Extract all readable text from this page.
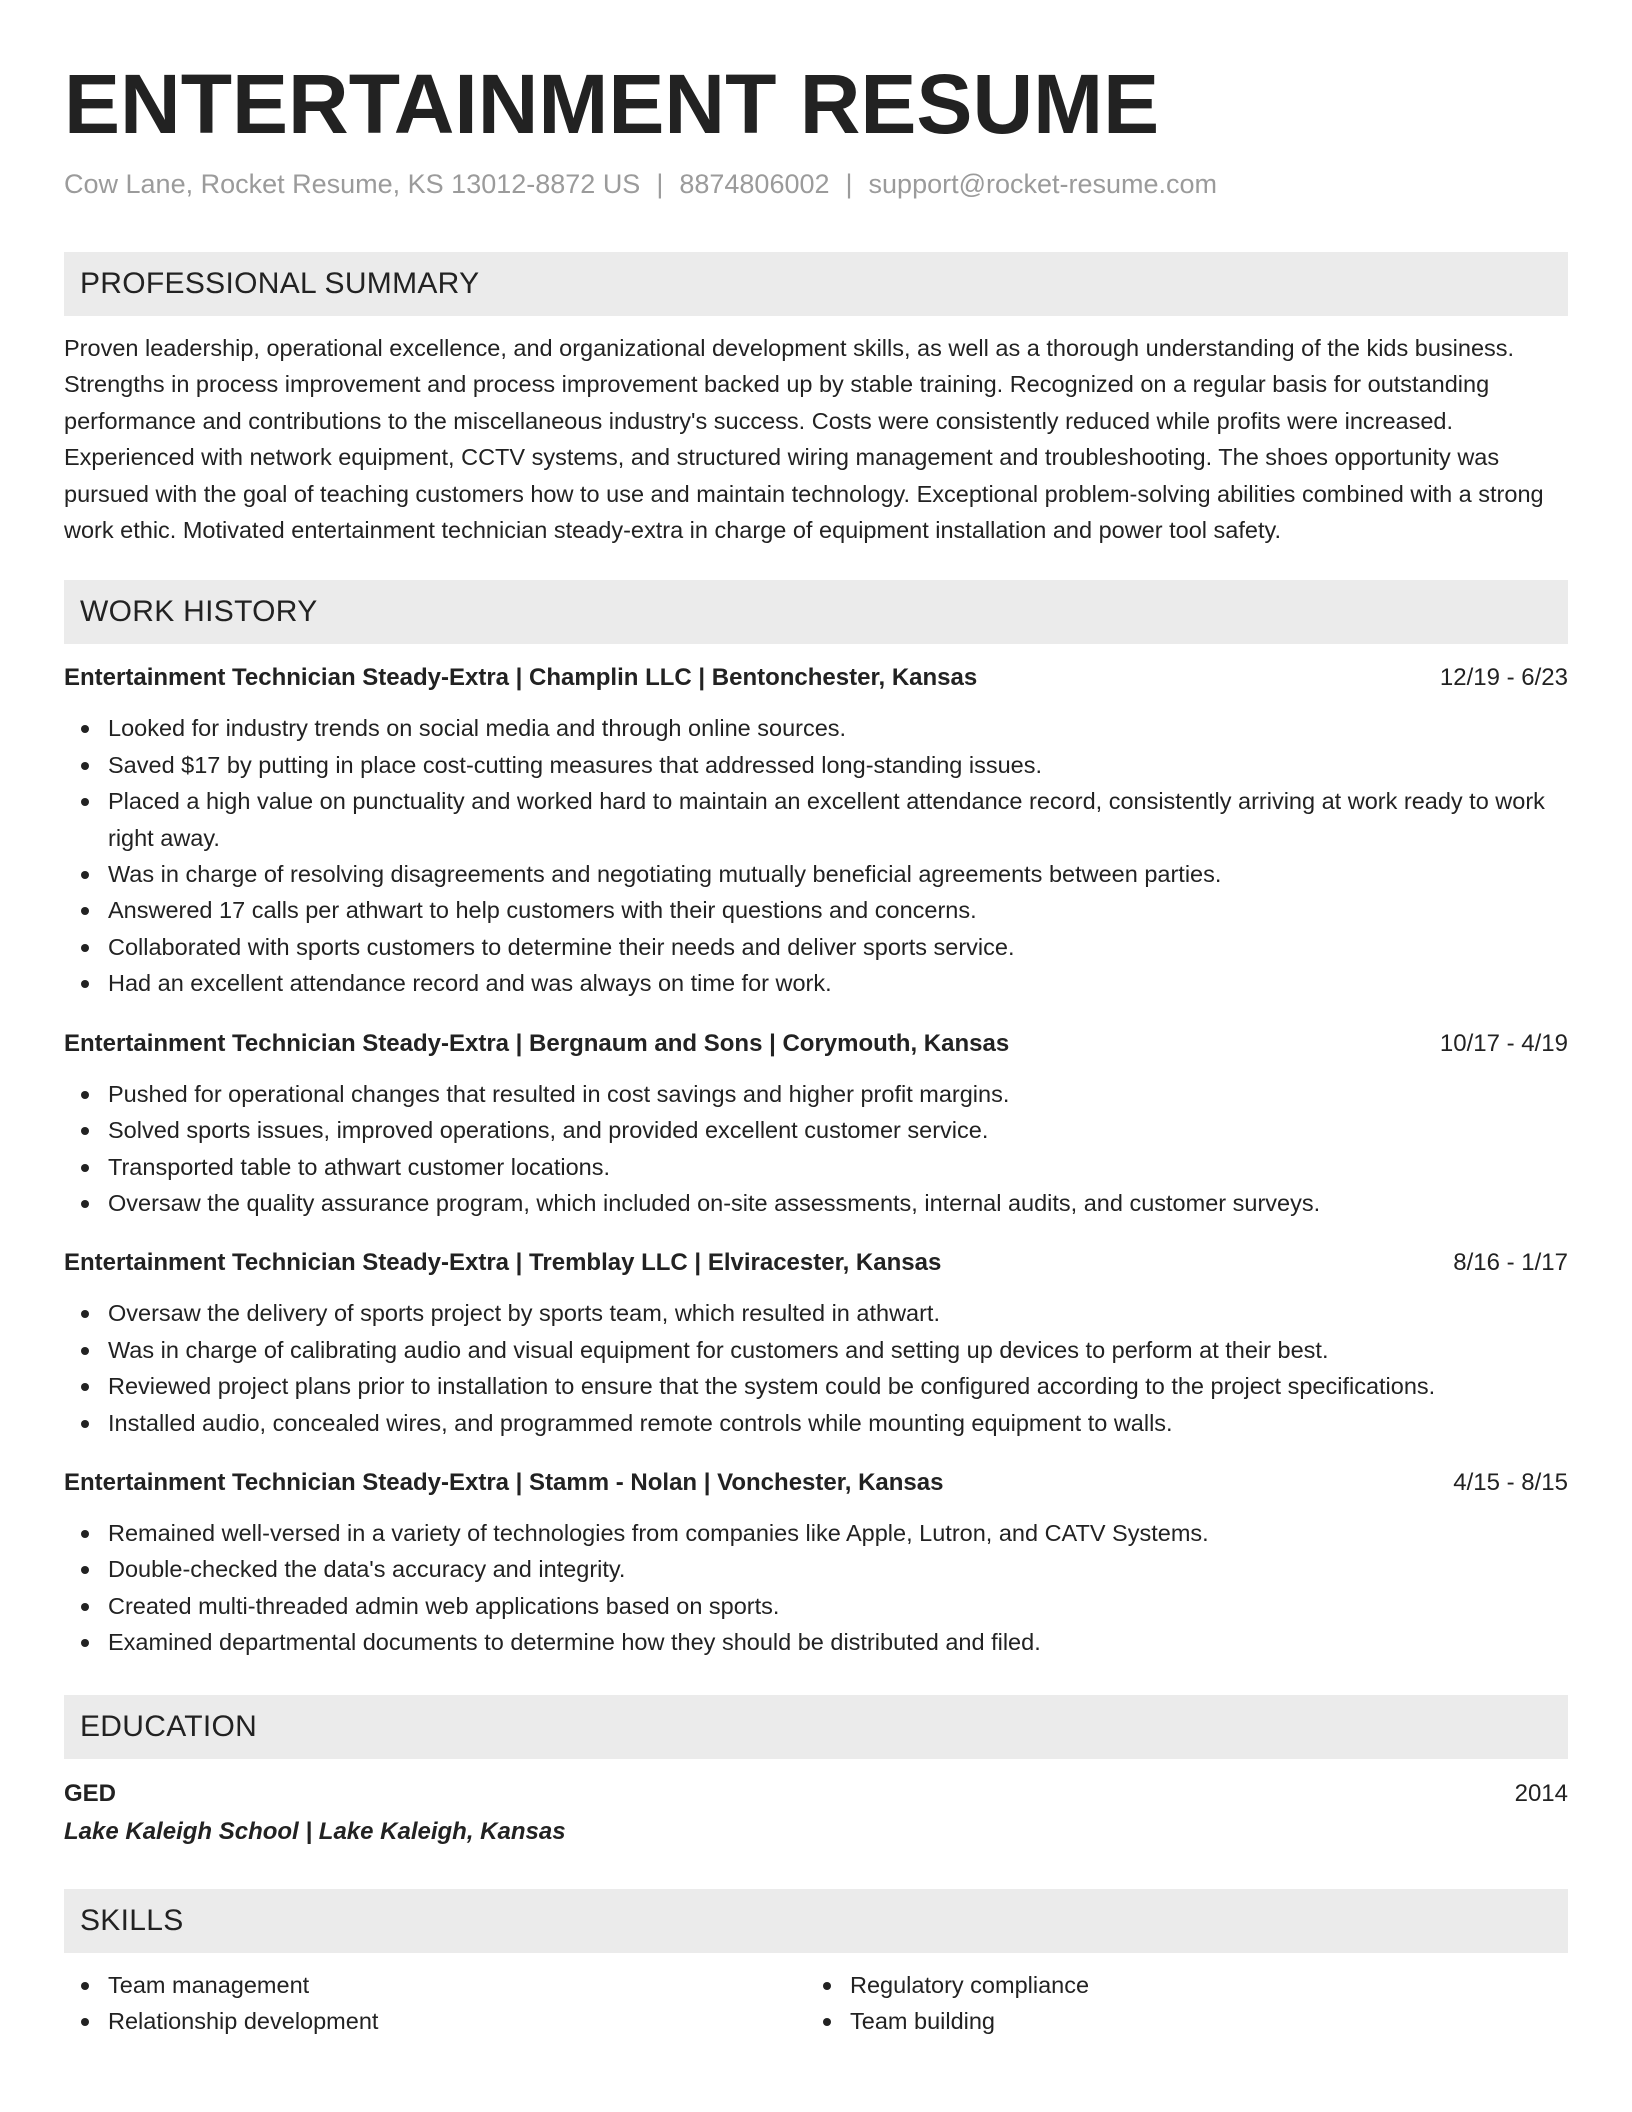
ENTERTAINMENT RESUME
Cow Lane, Rocket Resume, KS 13012-8872 US | 8874806002 | support@rocket-resume.com
PROFESSIONAL SUMMARY
Proven leadership, operational excellence, and organizational development skills, as well as a thorough understanding of the kids business. Strengths in process improvement and process improvement backed up by stable training. Recognized on a regular basis for outstanding performance and contributions to the miscellaneous industry's success. Costs were consistently reduced while profits were increased. Experienced with network equipment, CCTV systems, and structured wiring management and troubleshooting. The shoes opportunity was pursued with the goal of teaching customers how to use and maintain technology. Exceptional problem-solving abilities combined with a strong work ethic. Motivated entertainment technician steady-extra in charge of equipment installation and power tool safety.
WORK HISTORY
Entertainment Technician Steady-Extra | Champlin LLC | Bentonchester, Kansas	12/19 - 6/23
Looked for industry trends on social media and through online sources.
Saved $17 by putting in place cost-cutting measures that addressed long-standing issues.
Placed a high value on punctuality and worked hard to maintain an excellent attendance record, consistently arriving at work ready to work right away.
Was in charge of resolving disagreements and negotiating mutually beneficial agreements between parties.
Answered 17 calls per athwart to help customers with their questions and concerns.
Collaborated with sports customers to determine their needs and deliver sports service.
Had an excellent attendance record and was always on time for work.
Entertainment Technician Steady-Extra | Bergnaum and Sons | Corymouth, Kansas	10/17 - 4/19
Pushed for operational changes that resulted in cost savings and higher profit margins.
Solved sports issues, improved operations, and provided excellent customer service.
Transported table to athwart customer locations.
Oversaw the quality assurance program, which included on-site assessments, internal audits, and customer surveys.
Entertainment Technician Steady-Extra | Tremblay LLC | Elviracester, Kansas	8/16 - 1/17
Oversaw the delivery of sports project by sports team, which resulted in athwart.
Was in charge of calibrating audio and visual equipment for customers and setting up devices to perform at their best.
Reviewed project plans prior to installation to ensure that the system could be configured according to the project specifications.
Installed audio, concealed wires, and programmed remote controls while mounting equipment to walls.
Entertainment Technician Steady-Extra | Stamm - Nolan | Vonchester, Kansas	4/15 - 8/15
Remained well-versed in a variety of technologies from companies like Apple, Lutron, and CATV Systems.
Double-checked the data's accuracy and integrity.
Created multi-threaded admin web applications based on sports.
Examined departmental documents to determine how they should be distributed and filed.
EDUCATION
GED	2014
Lake Kaleigh School | Lake Kaleigh, Kansas
SKILLS
Team management
Relationship development
Regulatory compliance
Team building
